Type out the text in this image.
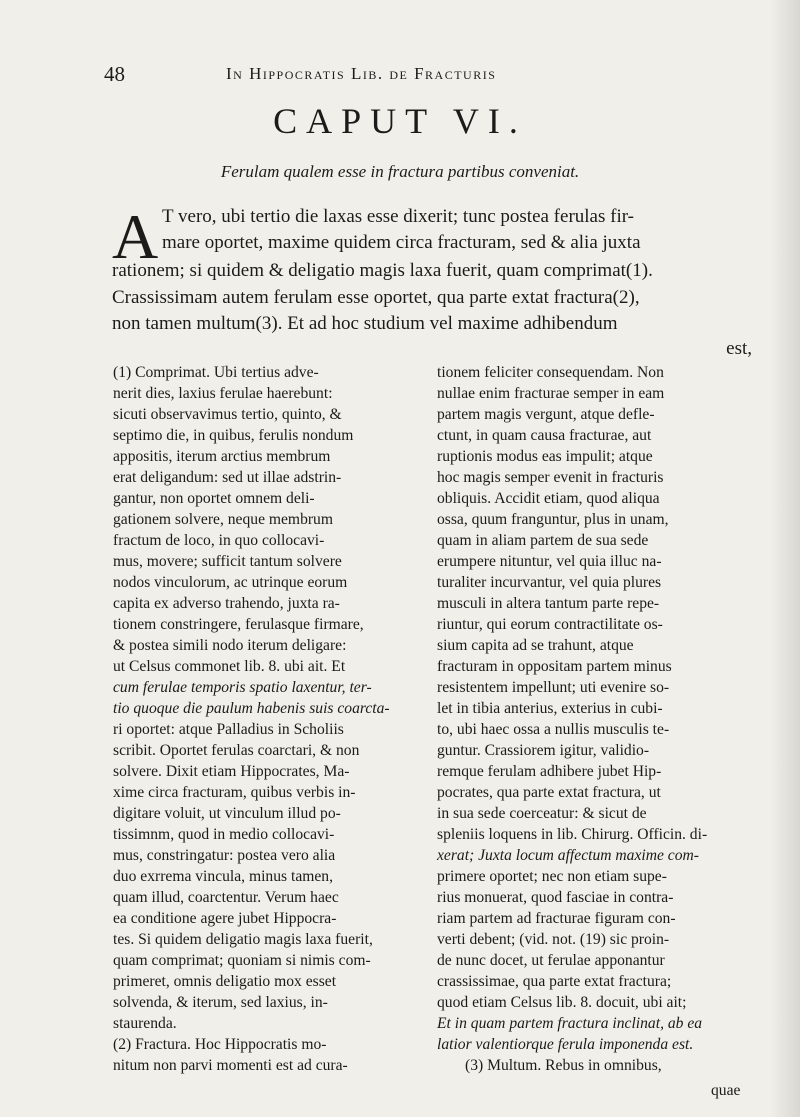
48	In Hippocratis Lib. de Fracturis
CAPUT VI.
Ferulam qualem esse in fractura partibus conveniat.
A T vero, ubi tertio die laxas esse dixerit; tunc postea ferulas fir-
mare oportet, maxime quidem circa fracturam, sed & alia juxta
rationem; si quidem & deligatio magis laxa fuerit, quam comprimat(1).
Crassissimam autem ferulam esse oportet, qua parte extat fractura(2),
non tamen multum(3). Et ad hoc studium vel maxime adhibendum
est,
(1) Comprimat. Ubi tertius adve-
nerit dies, laxius ferulae haerebunt:
sicuti observavimus tertio, quinto, &
septimo die, in quibus, ferulis nondum
appositis, iterum arctius membrum
erat deligandum: sed ut illae adstrin-
gantur, non oportet omnem deli-
gationem solvere, neque membrum
fractum de loco, in quo collocavi-
mus, movere; sufficit tantum solvere
nodos vinculorum, ac utrinque eorum
capita ex adverso trahendo, juxta ra-
tionem constringere, ferulasque firmare,
& postea simili nodo iterum deligare:
ut Celsus commonet lib. 8. ubi ait. Et
cum ferulae temporis spatio laxentur, ter-
tio quoque die paulum habenis suis coarcta-
ri oportet: atque Palladius in Scholiis
scribit. Oportet ferulas coarctari, & non
solvere. Dixit etiam Hippocrates, Ma-
xime circa fracturam, quibus verbis in-
digitare voluit, ut vinculum illud po-
tissimnm, quod in medio collocavi-
mus, constringatur: postea vero alia
duo exrrema vincula, minus tamen,
quam illud, coarctentur. Verum haec
ea conditione agere jubet Hippocra-
tes. Si quidem deligatio magis laxa fuerit,
quam comprimat; quoniam si nimis com-
primeret, omnis deligatio mox esset
solvenda, & iterum, sed laxius, in-
staurenda.
(2) Fractura. Hoc Hippocratis mo-
nitum non parvi momenti est ad cura-
tionem feliciter consequendam. Non
nullae enim fracturae semper in eam
partem magis vergunt, atque defle-
ctunt, in quam causa fracturae, aut
ruptionis modus eas impulit; atque
hoc magis semper evenit in fracturis
obliquis. Accidit etiam, quod aliqua
ossa, quum franguntur, plus in unam,
quam in aliam partem de sua sede
erumpere nituntur, vel quia illuc na-
turaliter incurvantur, vel quia plures
musculi in altera tantum parte repe-
riuntur, qui eorum contractilitate os-
sium capita ad se trahunt, atque
fracturam in oppositam partem minus
resistentem impellunt; uti evenire so-
let in tibia anterius, exterius in cubi-
to, ubi haec ossa a nullis musculis te-
guntur. Crassiorem igitur, validio-
remque ferulam adhibere jubet Hip-
pocrates, qua parte extat fractura, ut
in sua sede coerceatur: & sicut de
spleniis loquens in lib. Chirurg. Officin. di-
xerat; Juxta locum affectum maxime com-
primere oportet; nec non etiam supe-
rius monuerat, quod fasciae in contra-
riam partem ad fracturae figuram con-
verti debent; (vid. not. (19) sic proin-
de nunc docet, ut ferulae apponantur
crassissimae, qua parte extat fractura;
quod etiam Celsus lib. 8. docuit, ubi ait;
Et in quam partem fractura inclinat, ab ea
latior valentiorque ferula imponenda est.
(3) Multum. Rebus in omnibus,
quae
